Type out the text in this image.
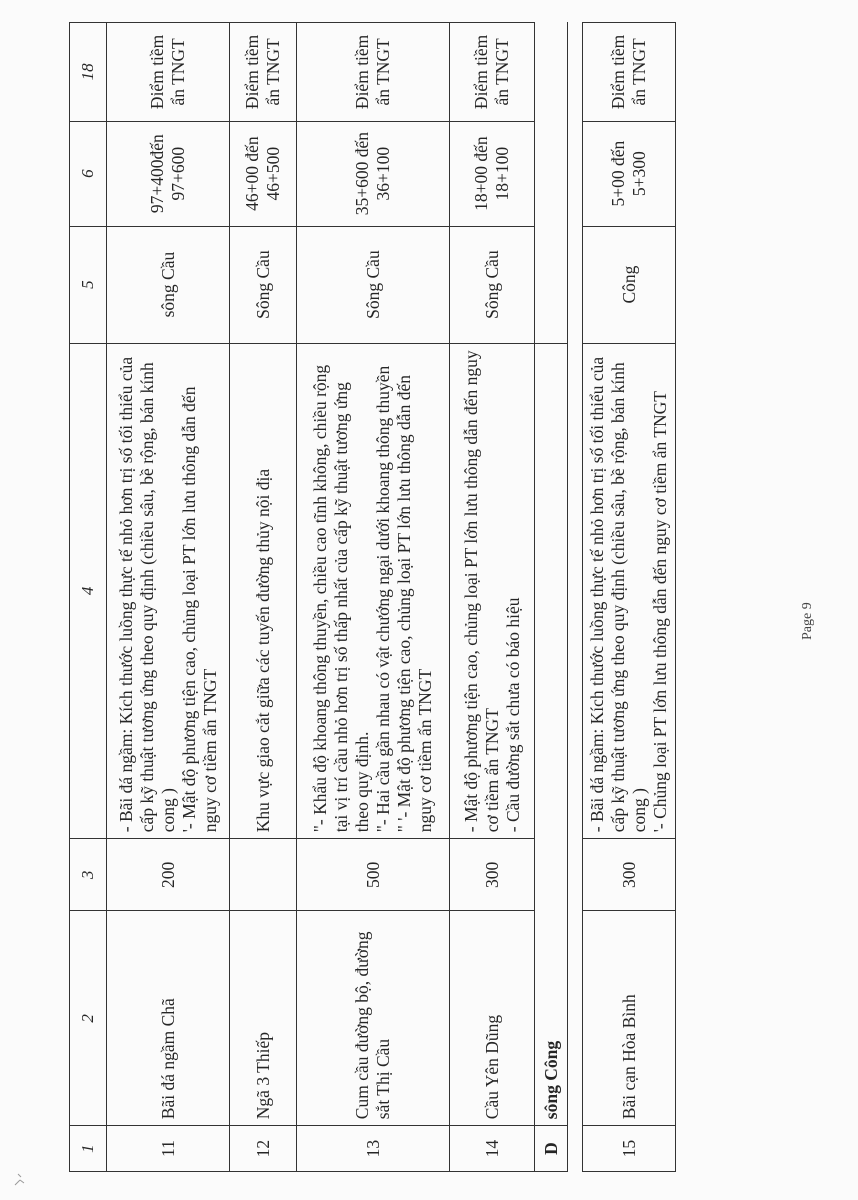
1	2	3	4	5	6	18
11	Bãi đá ngầm Chã	200	- Bãi đá ngầm: Kích thước luồng thực tế nhỏ hơn trị số tối thiểu của cấp kỹ thuật tương ứng theo quy định (chiều sâu, bề rộng, bán kính cong ) '- Mật độ phương tiện cao, chủng loại PT lớn lưu thông dẫn đến nguy cơ tiềm ẩn TNGT	sông Cầu	97+400đến 97+600	Điểm tiềm ẩn TNGT
12	Ngã 3 Thiếp		Khu vực giao cắt giữa các tuyến đường thủy nội địa	Sông Cầu	46+00 đến 46+500	Điểm tiềm ẩn TNGT
13	Cum cầu đường bộ, đường sắt Thị Cầu	500	"- Khẩu độ khoang thông thuyền, chiều cao tĩnh không, chiều rộng tại vị trí cầu nhỏ hơn trị số thấp nhất của cấp kỹ thuật tương ứng theo quy định. "- Hai cầu gần nhau có vật chướng ngại dưới khoang thông thuyền " '- Mật độ phương tiện cao, chủng loại PT lớn lưu thông dẫn đến nguy cơ tiềm ẩn TNGT	Sông Cầu	35+600 đến 36+100	Điểm tiềm ẩn TNGT
14	Cầu Yên Dũng	300	- Mật độ phương tiện cao, chủng loại PT lớn lưu thông dẫn đến nguy cơ tiềm ẩn TNGT - Cầu đường sắt chưa có báo hiệu	Sông Cầu	18+00 đến 18+100	Điểm tiềm ẩn TNGT
D	sông Công					

15	Bãi cạn Hòa Bình	300	- Bãi đá ngầm: Kích thước luồng thực tế nhỏ hơn trị số tối thiểu của cấp kỹ thuật tương ứng theo quy định (chiều sâu, bề rộng, bán kính cong ) '- Chủng loại PT lớn lưu thông dẫn đến nguy cơ tiềm ẩn TNGT	Công	5+00 đến 5+300	Điểm tiềm ẩn TNGT
Page 9
